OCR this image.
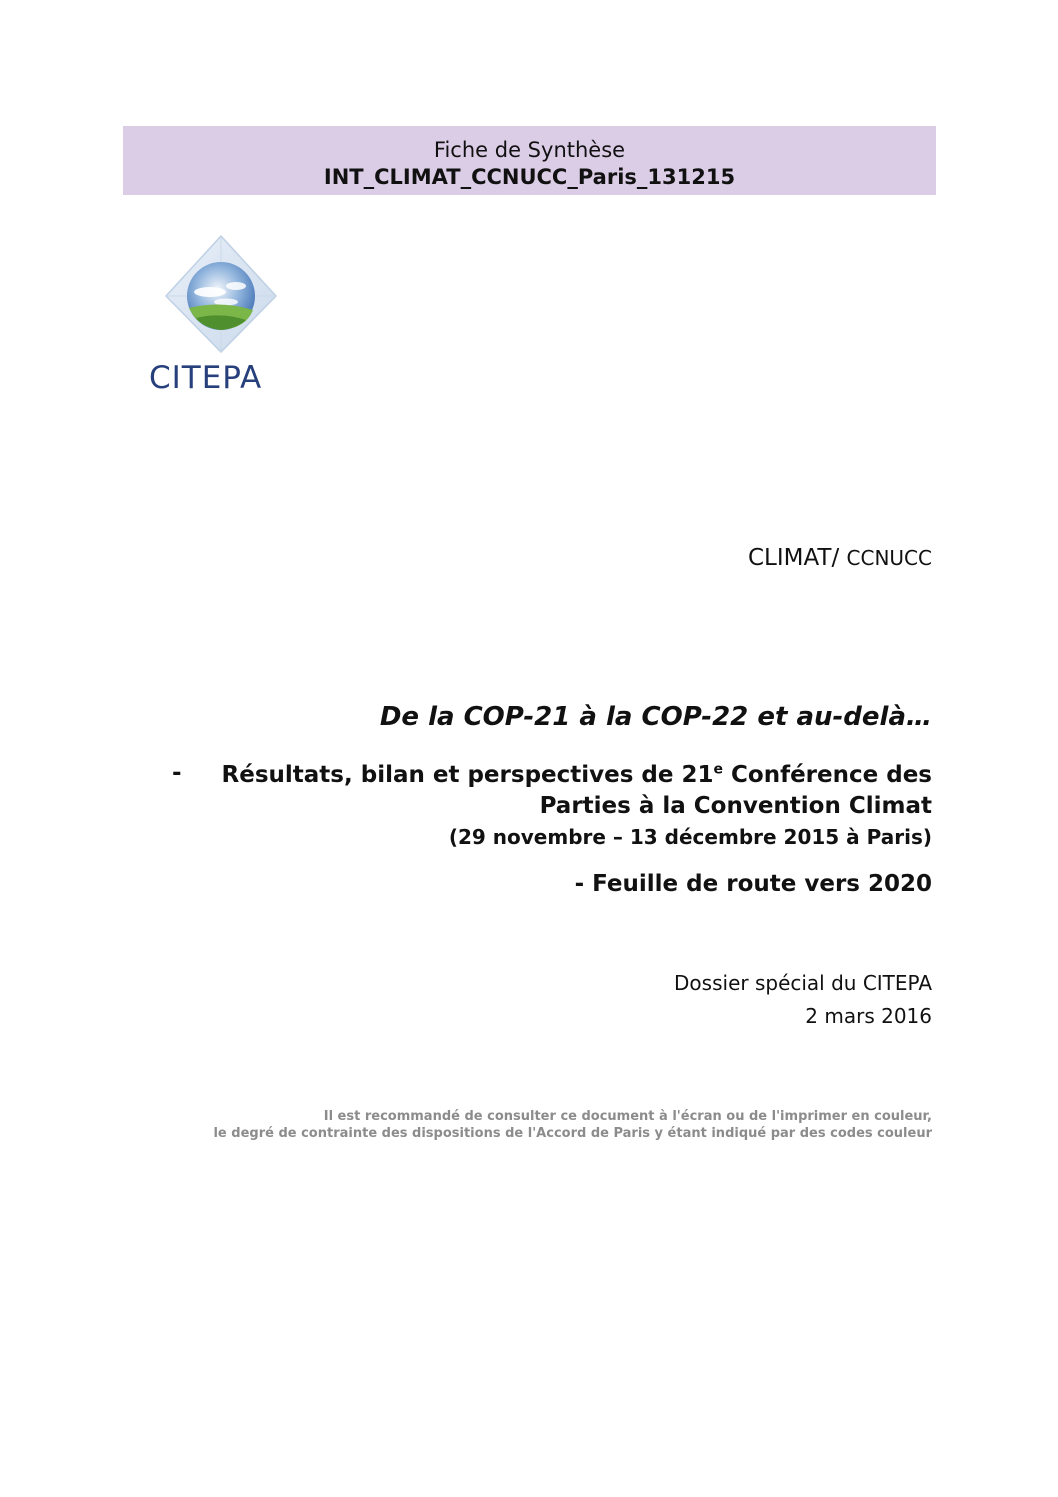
Fiche de Synthèse
INT_CLIMAT_CCNUCC_Paris_131215
CITEPA
CLIMAT/ CCNUCC
De la COP-21 à la COP-22 et au-delà…
- Résultats, bilan et perspectives de 21e Conférence des
Parties à la Convention Climat
(29 novembre – 13 décembre 2015 à Paris)
- Feuille de route vers 2020
Dossier spécial du CITEPA
2 mars 2016
Il est recommandé de consulter ce document à l'écran ou de l'imprimer en couleur,
le degré de contrainte des dispositions de l'Accord de Paris y étant indiqué par des codes couleur
